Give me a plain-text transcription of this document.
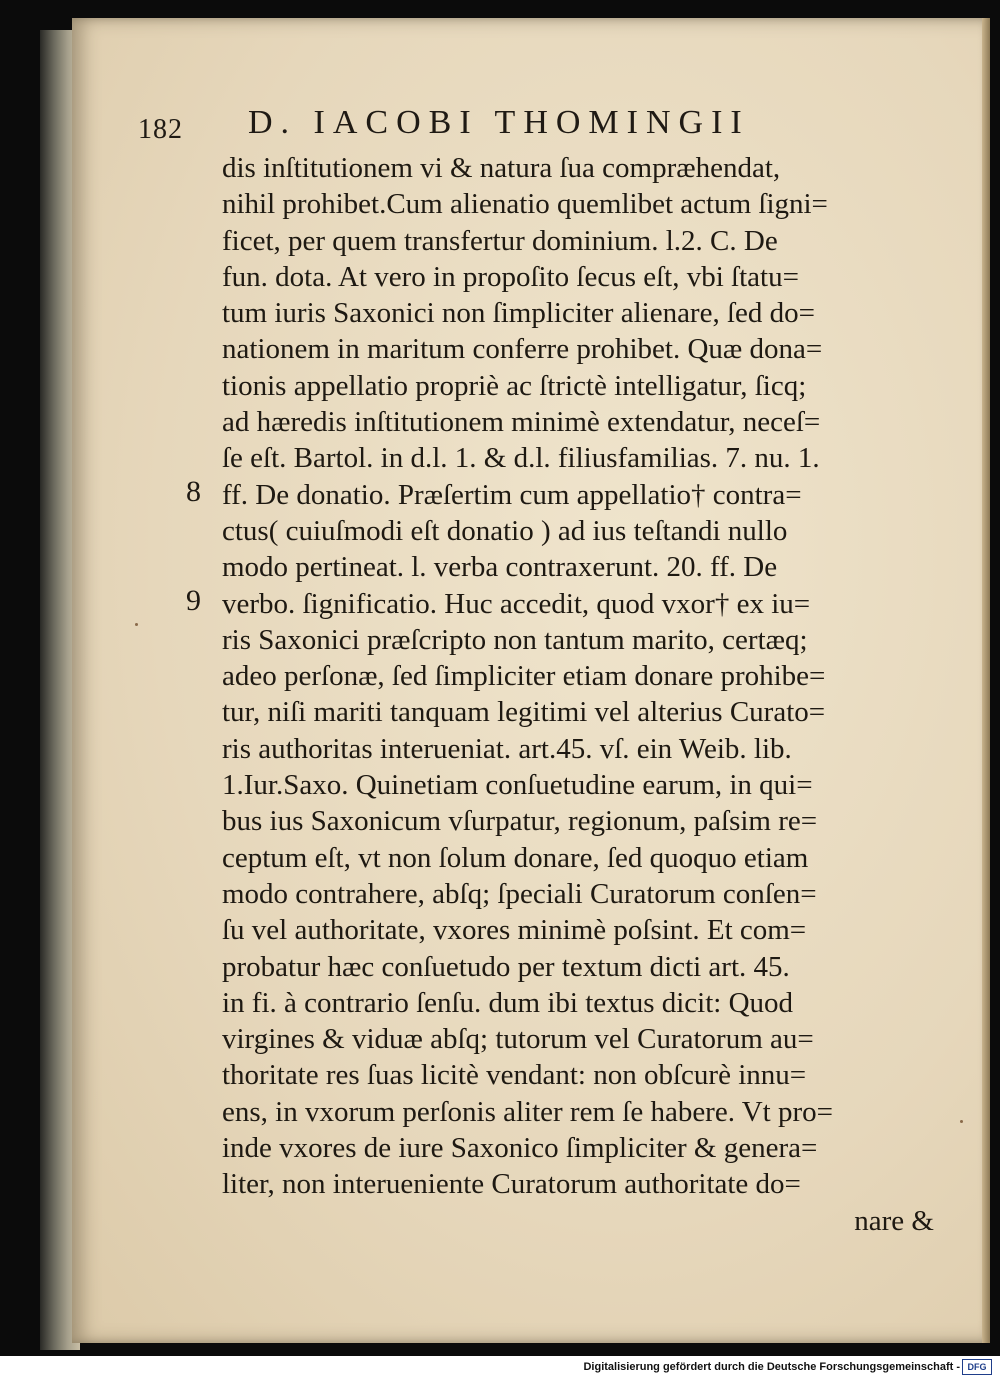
182 D. IACOBI THOMINGII
dis inſtitutionem vi & natura ſua compræhendat,
nihil prohibet.Cum alienatio quemlibet actum ſigni=
ficet, per quem transfertur dominium. l.2. C. De
fun. dota. At vero in propoſito ſecus eſt, vbi ſtatu=
tum iuris Saxonici non ſimpliciter alienare, ſed do=
nationem in maritum conferre prohibet. Quæ dona=
tionis appellatio propriè ac ſtrictè intelligatur, ſicq;
ad hæredis inſtitutionem minimè extendatur, neceſ=
ſe eſt. Bartol. in d.l. 1. & d.l. filiusfamilias. 7. nu. 1.
ff. De donatio. Præſertim cum appellatio† contra=
ctus( cuiuſmodi eſt donatio ) ad ius teſtandi nullo
modo pertineat. l. verba contraxerunt. 20. ff. De
verbo. ſignificatio. Huc accedit, quod vxor† ex iu=
ris Saxonici præſcripto non tantum marito, certæq;
adeo perſonæ, ſed ſimpliciter etiam donare prohibe=
tur, niſi mariti tanquam legitimi vel alterius Curato=
ris authoritas interueniat. art.45. vſ. ein Weib. lib.
1.Iur.Saxo. Quinetiam conſuetudine earum, in qui=
bus ius Saxonicum vſurpatur, regionum, paſsim re=
ceptum eſt, vt non ſolum donare, ſed quoquo etiam
modo contrahere, abſq; ſpeciali Curatorum conſen=
ſu vel authoritate, vxores minimè poſsint. Et com=
probatur hæc conſuetudo per textum dicti art. 45.
in fi. à contrario ſenſu. dum ibi textus dicit: Quod
virgines & viduæ abſq; tutorum vel Curatorum au=
thoritate res ſuas licitè vendant: non obſcurè innu=
ens, in vxorum perſonis aliter rem ſe habere. Vt pro=
inde vxores de iure Saxonico ſimpliciter & genera=
liter, non interueniente Curatorum authoritate do=
nare &
8
9
Digitalisierung gefördert durch die Deutsche Forschungsgemeinschaft - DFG
